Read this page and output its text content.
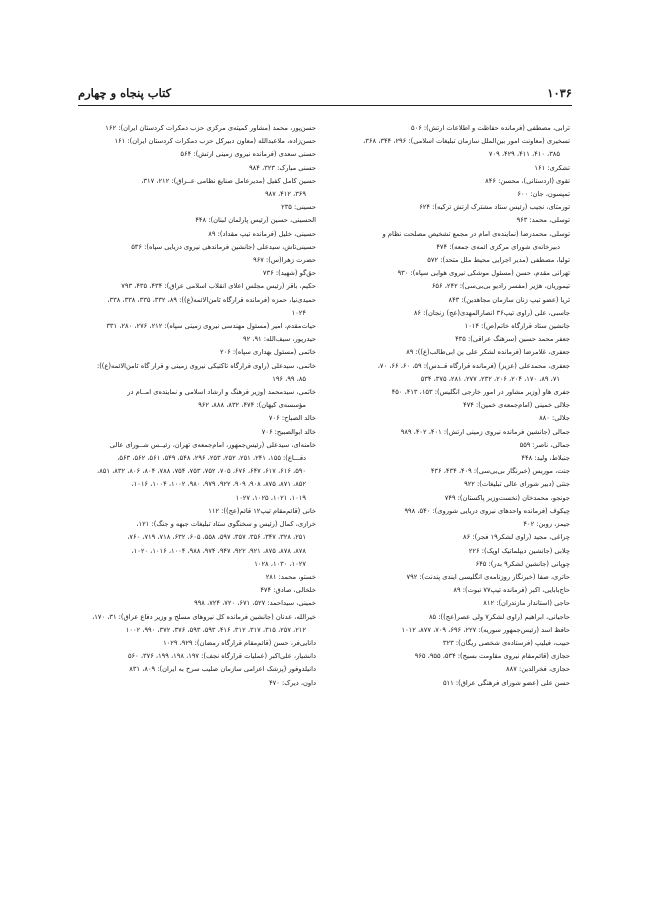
۱۰۳۶
کتاب پنجاه و چهارم
ترابی، مصطفی (فرمانده حفاظت و اطلاعات ارتش): ۵۰۶
تسخیری (معاونت امور بین‌الملل سازمان تبلیغات اسلامی): ۲۹۶، ۳۴۴، ۳۶۸،
۳۸۵، ۴۱۰، ۴۱۱، ۴۲۹، ۷۰۹
تشکری: ۱۶۱
تقوی (اردستانی)، محسن: ۸۴۶
تمپسون، جان: ۶۰۰
تورمتای، نجیب (رئیس ستاد مشترک ارتش ترکیه): ۶۲۴
توسلی، محمد: ۹۶۳
توسلی، محمدرضا (نماینده‌ی امام در مجمع تشخیص مصلحت نظام و
دبیرخانه‌ی شورای مرکزی ائمه‌ی جمعه): ۴۷۴
تولبا، مصطفی (مدیر اجرایی محیط ملل متحد): ۵۷۲
تهرانی مقدم، حسن (مسئول موشکی نیروی هوایی سپاه): ۹۳۰
تیموریان، هژیر (مفسر رادیو بی‌بی‌سی): ۲۴۲، ۶۵۶
ثریا (عضو تیپ زنان سازمان مجاهدین): ۸۴۳
جاسبی، علی (راوی تیپ۳۶ انصارالمهدی(عج) زنجان): ۸۶
جانشین ستاد قرارگاه خاتم(ص): ۱۰۱۴
جعفر محمد حسین (سرهنگ عراقی): ۴۳۵
جعفری، غلامرضا (فرمانده لشکر علی بن ابی‌طالب(ع)): ۸۹
جعفری، محمدعلی (عزیز) (فرمانده قرارگاه قــدس): ۵۹، ۶۰، ۶۶، ۷۰،
۷۱، ۸۹، ۱۷۰، ۲۰۴، ۲۰۶، ۲۳۲، ۲۷۷، ۲۸۱، ۳۷۵، ۵۳۴
جفری هاو (وزیر مشاور در امور خارجی انگلیس): ۱۵۳، ۴۱۳، ۴۵۰
جلالی خمینی (امام‌جمعه‌ی خمین): ۴۷۴
جلالی: ۸۸۰
جمالی (جانشین فرمانده نیروی زمینی ارتش): ۴۰۱، ۴۰۲، ۹۸۹
جمالی، ناصر: ۵۵۹
جنبلاط، ولید: ۴۴۸
جنت، موریس (خبرنگار بی‌بی‌سی): ۴۰۹، ۴۳۴، ۴۳۶
جنتی (دبیر شورای عالی تبلیغات): ۹۲۲
جونجو، محمدخان (نخست‌وزیر پاکستان): ۷۴۹
چیکوف (فرمانده واحدهای نیروی دریایی شوروی): ۵۴۰، ۹۹۸
جیمز، روبن: ۴۰۲
چراغی، مجید (راوی لشکر۱۹ فجر): ۸۶
چلابی (جانشین دیپلماتیک اوپک): ۲۲۶
چوپانی (جانشین لشکر۹ بدر): ۶۴۵
حاتری، صفا (خبرنگار روزنامه‌ی انگلیسی ایندی پندنت): ۷۹۲
حاج‌بابایی، اکبر (فرمانده تیپ۷۷ نبوت): ۸۹
حاجی (استاندار مازندران): ۸۱۲
حاجیانی، ابراهیم (راوی لشکر۷ ولی عصر(عج)): ۸۵
حافظ اسد (رئیس‌جمهور سوریه): ۲۲۷، ۶۹۶، ۷۰۹، ۸۷۷، ۱۰۱۲
حبیب، فیلیپ (فرستاده‌ی شخصی ریگان): ۳۲۳
حجازی (قائم‌مقام نیروی مقاومت بسیج): ۵۳۴، ۹۵۵، ۹۶۵
حجازی، فخرالدین: ۸۸۷
حسن علی (عضو شورای فرهنگی عراق): ۵۱۱
حسن‌پور، محمد (مشاور کمیته‌ی مرکزی حزب دمکرات کردستان ایران): ۱۶۲
حسن‌زاده، ملاعبدالله (معاون دبیرکل حزب دمکرات کردستان ایران): ۱۶۱
حسنی سعدی (فرمانده نیروی زمینی ارتش): ۵۶۴
حسنی مبارک: ۳۲۳، ۹۸۴
حسین کامل کفیل (مدیرعامل صنایع نظامی عــراق): ۲۱۲، ۳۱۷،
۳۶۹، ۴۱۲، ۹۸۷
حسینی: ۲۳۵
الحسینی، حسین (رئیس پارلمان لبنان): ۴۴۸
حسینی، خلیل (فرمانده تیپ مقداد): ۸۹
حسینی‌تاش، سیدعلی (جانشین فرماندهی نیروی دریایی سپاه): ۵۳۶
حضرت زهرا(س): ۹۶۷
حق‌گو (شهید): ۷۳۶
حکیم، باقر (رئیس مجلس اعلای انقلاب اسلامی عراق): ۴۳۴، ۴۳۵، ۷۹۳
حمیدی‌نیا، حمزه (فرمانده قرارگاه ثامن‌الائمه(ع)): ۸۹، ۳۳۲، ۳۳۵، ۳۳۸، ۳۳۸،
۱۰۲۴
حیات‌مقدم، امیر (مسئول مهندسی نیروی زمینی سپاه): ۲۱۲، ۲۷۶، ۲۸۰، ۳۳۱
حیدرپور، سیف‌الله: ۹۱، ۹۲
خاتمی (مسئول بهداری سپاه): ۲۰۶
خاتمی، سیدعلی (راوی قرارگاه تاکتیکی نیروی زمینی و قرار گاه ثامن‌الائمه(ع)):
۸۵، ۹۹، ۱۹۶
خاتمی، سیدمحمد (وزیر فرهنگ و ارشاد اسلامی و نماینده‌ی امــام در
مؤسسه‌ی کیهان): ۴۷۴، ۸۳۲، ۸۸۸، ۹۶۲
خالد الصباح: ۷۰۶
خالد ابوالصبیح: ۷۰۶
خامنه‌ای، سیدعلی (رئیس‌جمهور، امام‌جمعه‌ی تهران، رئیــس شــورای عالی
دفـــاع): ۱۵۵، ۲۴۱، ۲۵۱، ۲۵۲، ۲۵۳، ۲۹۶، ۵۴۸، ۵۴۹، ۵۶۱، ۵۶۲، ۵۶۳،
۵۹۰، ۶۱۶، ۶۱۷، ۶۴۷، ۶۷۶، ۷۰۵، ۷۵۲، ۷۵۳، ۷۵۴، ۷۸۸، ۸۰۴، ۸۰۶، ۸۳۲، ۸۵۱،
۸۵۲، ۸۷۱، ۸۷۵، ۹۰۸، ۹۰۹، ۹۲۲، ۹۷۹، ۹۸۰، ۱۰۰۲، ۱۰۰۴، ۱۰۱۶،
۱۰۱۹، ۱۰۲۱، ۱۰۲۵، ۱۰۲۷
خانی (قائم‌مقام تیپ۱۲ قائم(عج)): ۱۱۲
خرازی، کمال (رئیس و سخنگوی ستاد تبلیغات جبهه و جنگ): ۱۲۱،
۲۵۱، ۳۲۸، ۳۴۷، ۳۵۶، ۳۵۷، ۵۹۷، ۵۵۸، ۶۰۵، ۶۳۲، ۷۱۸، ۷۱۹، ۷۶۰،
۸۷۸، ۸۷۸، ۸۷۵، ۹۲۱، ۹۲۲، ۹۴۷، ۹۷۴، ۹۸۸، ۱۰۰۴، ۱۰۱۶، ۱۰۲۰،
۱۰۲۷، ۱۰۳۰، ۱۰۲۸
خستو، محمد: ۲۸۱
خلخالی، صادق: ۴۷۴
خمینی، سیداحمد: ۵۲۷، ۶۷۱، ۷۲۰، ۷۲۴، ۹۹۸
خیرالله، عدنان (جانشین فرمانده کل نیروهای مسلح و وزیر دفاع عراق): ۳۱، ۱۷۰،
۲۱۲، ۲۵۷، ۳۱۵، ۳۱۷، ۳۱۲، ۴۱۶، ۵۹۳، ۵۹۳، ۳۷۶، ۳۷۲، ۹۹۰، ۱۰۰۲
دانایی‌فر، حسن (قائم‌مقام قرارگاه رمضان): ۹۲۹، ۱۰۲۹
دانشیار، علی‌اکبر (عملیات قرارگاه نجف): ۱۹۷، ۱۹۸، ۱۹۹، ۳۷۶، ۵۶۰
دانیلدوفور (پزشک اعزامی سازمان صلیب سرخ به ایران): ۸۰۹، ۸۳۱
داون، دیرک: ۴۷۰
